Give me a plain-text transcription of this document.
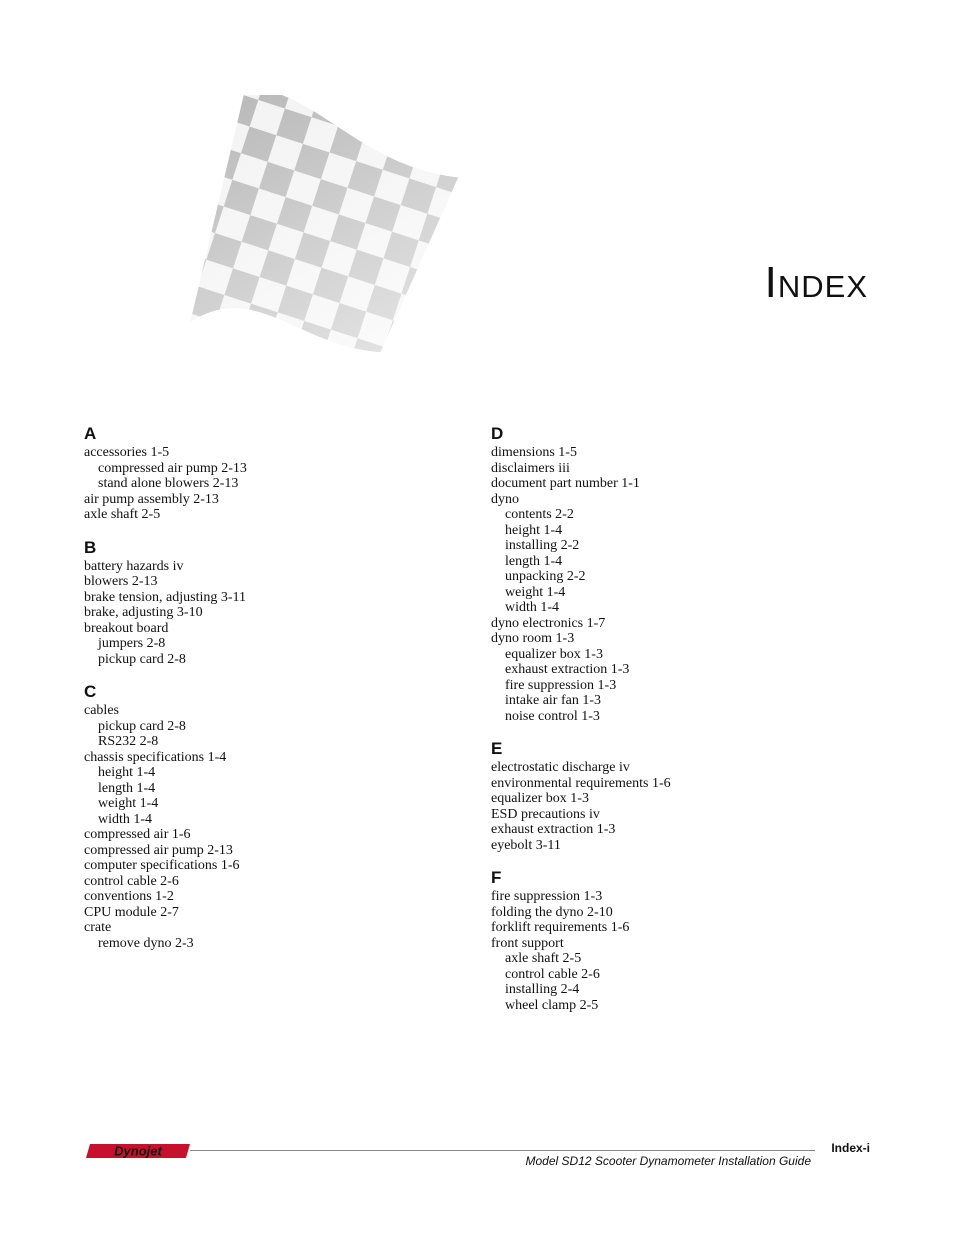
Index
A
accessories 1-5
compressed air pump 2-13
stand alone blowers 2-13
air pump assembly 2-13
axle shaft 2-5
B
battery hazards iv
blowers 2-13
brake tension, adjusting 3-11
brake, adjusting 3-10
breakout board
jumpers 2-8
pickup card 2-8
C
cables
pickup card 2-8
RS232 2-8
chassis specifications 1-4
height 1-4
length 1-4
weight 1-4
width 1-4
compressed air 1-6
compressed air pump 2-13
computer specifications 1-6
control cable 2-6
conventions 1-2
CPU module 2-7
crate
remove dyno 2-3
D
dimensions 1-5
disclaimers iii
document part number 1-1
dyno
contents 2-2
height 1-4
installing 2-2
length 1-4
unpacking 2-2
weight 1-4
width 1-4
dyno electronics 1-7
dyno room 1-3
equalizer box 1-3
exhaust extraction 1-3
fire suppression 1-3
intake air fan 1-3
noise control 1-3
E
electrostatic discharge iv
environmental requirements 1-6
equalizer box 1-3
ESD precautions iv
exhaust extraction 1-3
eyebolt 3-11
F
fire suppression 1-3
folding the dyno 2-10
forklift requirements 1-6
front support
axle shaft 2-5
control cable 2-6
installing 2-4
wheel clamp 2-5
Dynojet	Index-i
Model SD12 Scooter Dynamometer Installation Guide
